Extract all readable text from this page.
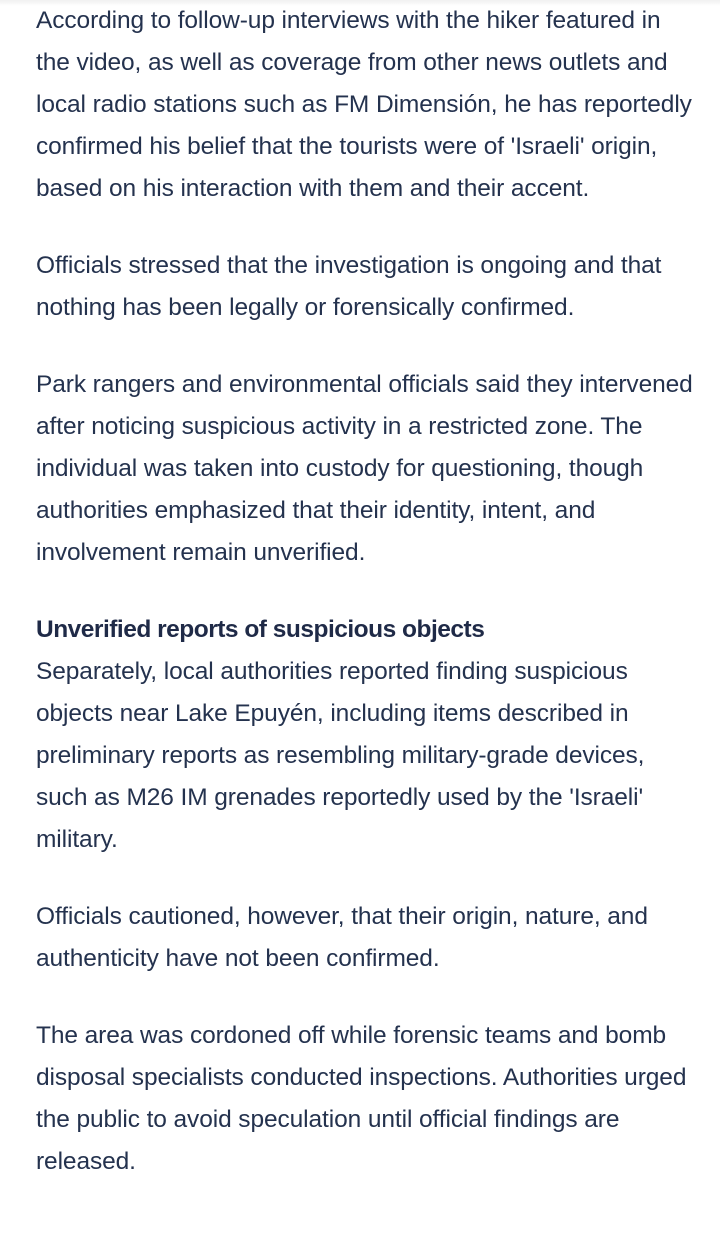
According to follow-up interviews with the hiker featured in the video, as well as coverage from other news outlets and local radio stations such as FM Dimensión, he has reportedly confirmed his belief that the tourists were of 'Israeli' origin, based on his interaction with them and their accent.

Officials stressed that the investigation is ongoing and that nothing has been legally or forensically confirmed.

Park rangers and environmental officials said they intervened after noticing suspicious activity in a restricted zone. The individual was taken into custody for questioning, though authorities emphasized that their identity, intent, and involvement remain unverified.

Unverified reports of suspicious objects

Separately, local authorities reported finding suspicious objects near Lake Epuyén, including items described in preliminary reports as resembling military-grade devices, such as M26 IM grenades reportedly used by the 'Israeli' military.

Officials cautioned, however, that their origin, nature, and authenticity have not been confirmed.

The area was cordoned off while forensic teams and bomb disposal specialists conducted inspections. Authorities urged the public to avoid speculation until official findings are released.
